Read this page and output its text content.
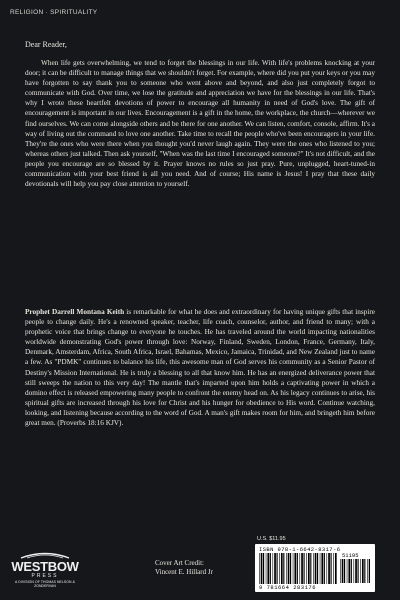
RELIGION · SPIRITUALITY
Dear Reader,

When life gets overwhelming, we tend to forget the blessings in our life. With life's problems knocking at your door; it can be difficult to manage things that we shouldn't forget. For example, where did you put your keys or you may have forgotten to say thank you to someone who went above and beyond, and also just completely forgot to communicate with God. Over time, we lose the gratitude and appreciation we have for the blessings in our life. That's why I wrote these heartfelt devotions of power to encourage all humanity in need of God's love. The gift of encouragement is important in our lives. Encouragement is a gift in the home, the workplace, the church—wherever we find ourselves. We can come alongside others and be there for one another. We can listen, comfort, console, affirm. It's a way of living out the command to love one another. Take time to recall the people who've been encouragers in your life. They're the ones who were there when you thought you'd never laugh again. They were the ones who listened to you; whereas others just talked. Then ask yourself, "When was the last time I encouraged someone?" It's not difficult, and the people you encourage are so blessed by it. Prayer knows no rules so just pray. Pure, unplugged, heart-tuned-in communication with your best friend is all you need. And of course; His name is Jesus! I pray that these daily devotionals will help you pay close attention to yourself.

Prophet Darrell Montana Keith is remarkable for what he does and extraordinary for having unique gifts that inspire people to change daily. He's a renowned speaker, teacher, life coach, counselor, author, and friend to many; with a prophetic voice that brings change to everyone he touches. He has traveled around the world impacting nationalities worldwide demonstrating God's power through love: Norway, Finland, Sweden, London, France, Germany, Italy, Denmark, Amsterdam, Africa, South Africa, Israel, Bahamas, Mexico, Jamaica, Trinidad, and New Zealand just to name a few. As "PDMK" continues to balance his life, this awesome man of God serves his community as a Senior Pastor of Destiny's Mission International. He is truly a blessing to all that know him. He has an energized deliverance power that still sweeps the nation to this very day! The mantle that's imparted upon him holds a captivating power in which a domino effect is released empowering many people to confront the enemy head on. As his legacy continues to arise, his spiritual gifts are increased through his love for Christ and his hunger for obedience to His word. Continue watching, looking, and listening because according to the word of God. A man's gift makes room for him, and bringeth him before great men. (Proverbs 18:16 KJV).

U.S. $11.95
ISBN 978-1-6642-8317-6
51195
9 781664 283176
Cover Art Credit:
Vincent E. Hillard Jr
WESTBOW
PRESS
A DIVISION OF THOMAS NELSON & ZONDERVAN
